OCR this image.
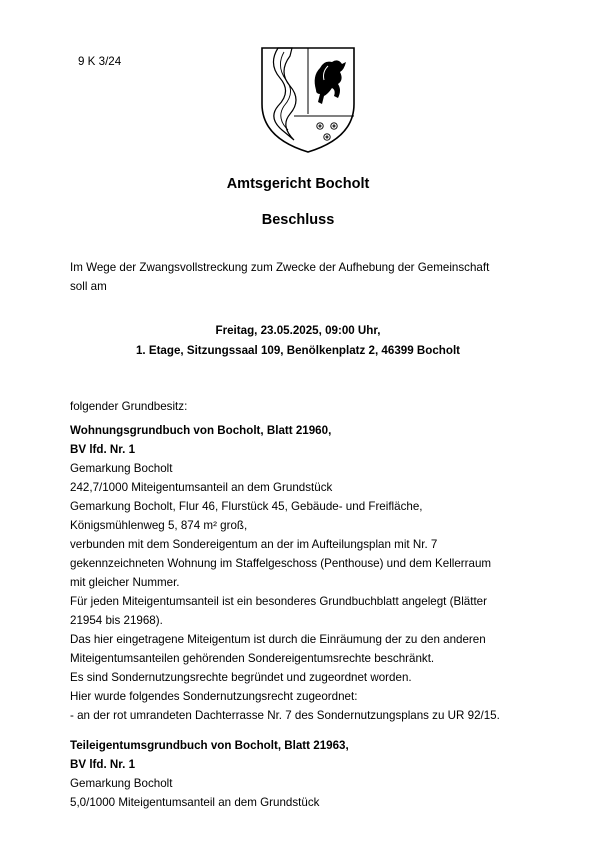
9 K 3/24
Amtsgericht Bocholt
Beschluss
Im Wege der Zwangsvollstreckung zum Zwecke der Aufhebung der Gemeinschaft
soll am
Freitag, 23.05.2025, 09:00 Uhr,
1. Etage, Sitzungssaal 109, Benölkenplatz 2, 46399 Bocholt
folgender Grundbesitz:
Wohnungsgrundbuch von Bocholt, Blatt 21960,
BV lfd. Nr. 1
Gemarkung Bocholt
242,7/1000 Miteigentumsanteil an dem Grundstück
Gemarkung Bocholt, Flur 46, Flurstück 45, Gebäude- und Freifläche,
Königsmühlenweg 5, 874 m² groß,
verbunden mit dem Sondereigentum an der im Aufteilungsplan mit Nr. 7
gekennzeichneten Wohnung im Staffelgeschoss (Penthouse) und dem Kellerraum
mit gleicher Nummer.
Für jeden Miteigentumsanteil ist ein besonderes Grundbuchblatt angelegt (Blätter
21954 bis 21968).
Das hier eingetragene Miteigentum ist durch die Einräumung der zu den anderen
Miteigentumsanteilen gehörenden Sondereigentumsrechte beschränkt.
Es sind Sondernutzungsrechte begründet und zugeordnet worden.
Hier wurde folgendes Sondernutzungsrecht zugeordnet:
- an der rot umrandeten Dachterrasse Nr. 7 des Sondernutzungsplans zu UR 92/15.
Teileigentumsgrundbuch von Bocholt, Blatt 21963,
BV lfd. Nr. 1
Gemarkung Bocholt
5,0/1000 Miteigentumsanteil an dem Grundstück
